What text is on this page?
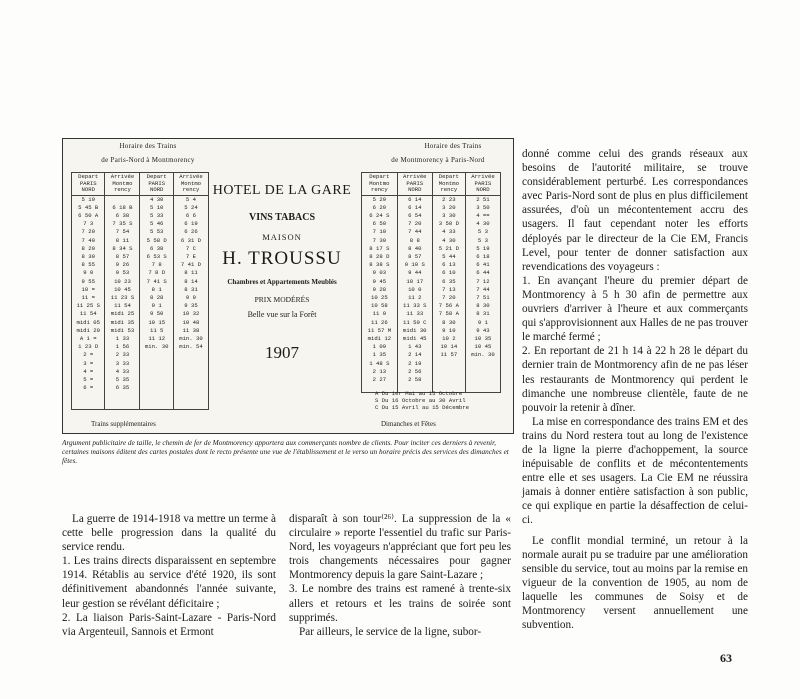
Horaire des Trains
de Paris-Nord à Montmorency
Horaire des Trains
de Montmorency à Paris-Nord
Depart PARIS NORD	Arrivée Montmo rency	Depart PARIS NORD	Arrivée Montmo rency
5 19		4 30	5 4
5 45 B	6 18 B	5 10	5 24
6 50 A	6 38	5 33	6 6
7 3	7 35 S	5 46	6 19
7 20	7 54	5 53	6 26
7 40	8 11	5 58 D	6 31 D
8 20	8 34 S	6 38	7 C
8 30	8 57	6 53 S	7 E
8 55	9 26	7 8	7 41 D
9 0	9 53	7 8 D	8 11
9 55	10 23	7 41 S	8 14
10 =	10 45	8 1	8 31
11 =	11 23 S	8 28	9 0
11 25 S	11 54	9 1	9 35
11 54	midi 25	9 50	10 32
midi 05	midi 35	10 15	10 48
midi 20	midi 53	11 5	11 38
A 1 =	1 33	11 12	min. 30
1 23 D	1 56	min. 30	min. 54
2 =	2 33		
3 =	3 33		
4 =	4 33		
5 =	5 35		
6 =	6 35		

HOTEL DE LA GARE
VINS TABACS
MAISON
H. TROUSSU
Chambres et Appartements Meublés
PRIX MODÉRÉS
Belle vue sur la Forêt
1907
Depart Montmo rency	Arrivée PARIS NORD	Depart Montmo rency	Arrivée PARIS NORD
5 29	6 14	2 23	2 51
6 20	6 14	3 20	3 50
6 24 S	6 54	3 30	4 ==
6 50	7 20	3 50 D	4 30
7 10	7 44	4 33	5 3
7 30	8 8	4 30	5 3
8 17 S	8 40	5 21 D	5 19
8 28 D	8 57	5 44	6 18
8 38 S	9 10 S	6 13	6 41
9 03	9 44	6 10	6 44
9 45	10 17	6 35	7 12
9 28	10 0	7 13	7 44
10 25	11 2	7 20	7 51
10 58	11 33 S	7 56 A	8 30
11 0	11 33	7 58 A	8 31
11 26	11 50 C	8 30	9 1
11 57 M	midi 30	9 10	9 43
midi 12	midi 45	10 2	10 35
1 09	1 43	10 14	10 45
1 35	2 14	11 57	min. 30
1 48 S	2 19		
2 13	2 56		
2 27	2 58		

A Du 1er Mai au 15 Octobre
S Du 16 Octobre au 30 Avril
C Du 15 Avril au 15 Décembre
Trains supplémentaires	Dimanches et Fêtes
Argument publicitaire de taille, le chemin de fer de Montmorency apportera aux commerçants nombre de clients. Pour inciter ces derniers à revenir, certaines maisons éditent des cartes postales dont le recto présente une vue de l'établissement et le verso un horaire précis des services des dimanches et fêtes.

donné comme celui des grands réseaux aux besoins de l'autorité militaire, se trouve considérablement perturbé. Les correspondances avec Paris-Nord sont de plus en plus difficilement assurées, d'où un mécontentement accru des usagers. Il faut cependant noter les efforts déployés par le directeur de la Cie EM, Francis Level, pour tenter de donner satisfaction aux revendications des voyageurs :

1. En avançant l'heure du premier départ de Montmorency à 5 h 30 afin de permettre aux ouvriers d'arriver à l'heure et aux commerçants qui s'approvisionnent aux Halles de ne pas trouver le marché fermé ;

2. En reportant de 21 h 14 à 22 h 28 le départ du dernier train de Montmorency afin de ne pas léser les restaurants de Montmorency qui perdent le dimanche une nombreuse clientèle, faute de ne pouvoir la retenir à dîner.

La mise en correspondance des trains EM et des trains du Nord restera tout au long de l'existence de la ligne la pierre d'achoppement, la source inépuisable de conflits et de mécontentements entre elle et ses usagers. La Cie EM ne réussira jamais à donner entière satisfaction à son public, ce qui explique en partie la désaffection de celui-ci.

Le conflit mondial terminé, un retour à la normale aurait pu se traduire par une amélioration sensible du service, tout au moins par la remise en vigueur de la convention de 1905, au nom de laquelle les communes de Soisy et de Montmorency versent annuellement une subvention.

La guerre de 1914-1918 va mettre un terme à cette belle progression dans la qualité du service rendu.

1. Les trains directs disparaissent en septembre 1914. Rétablis au service d'été 1920, ils sont définitivement abandonnés l'année suivante, leur gestion se révélant déficitaire ;

2. La liaison Paris-Saint-Lazare - Paris-Nord via Argenteuil, Sannois et Ermont

disparaît à son tour⁽²⁶⁾. La suppression de la « circulaire » reporte l'essentiel du trafic sur Paris-Nord, les voyageurs n'appréciant que fort peu les trois changements nécessaires pour gagner Montmorency depuis la gare Saint-Lazare ;

3. Le nombre des trains est ramené à trente-six allers et retours et les trains de soirée sont supprimés.

Par ailleurs, le service de la ligne, subor-

63
